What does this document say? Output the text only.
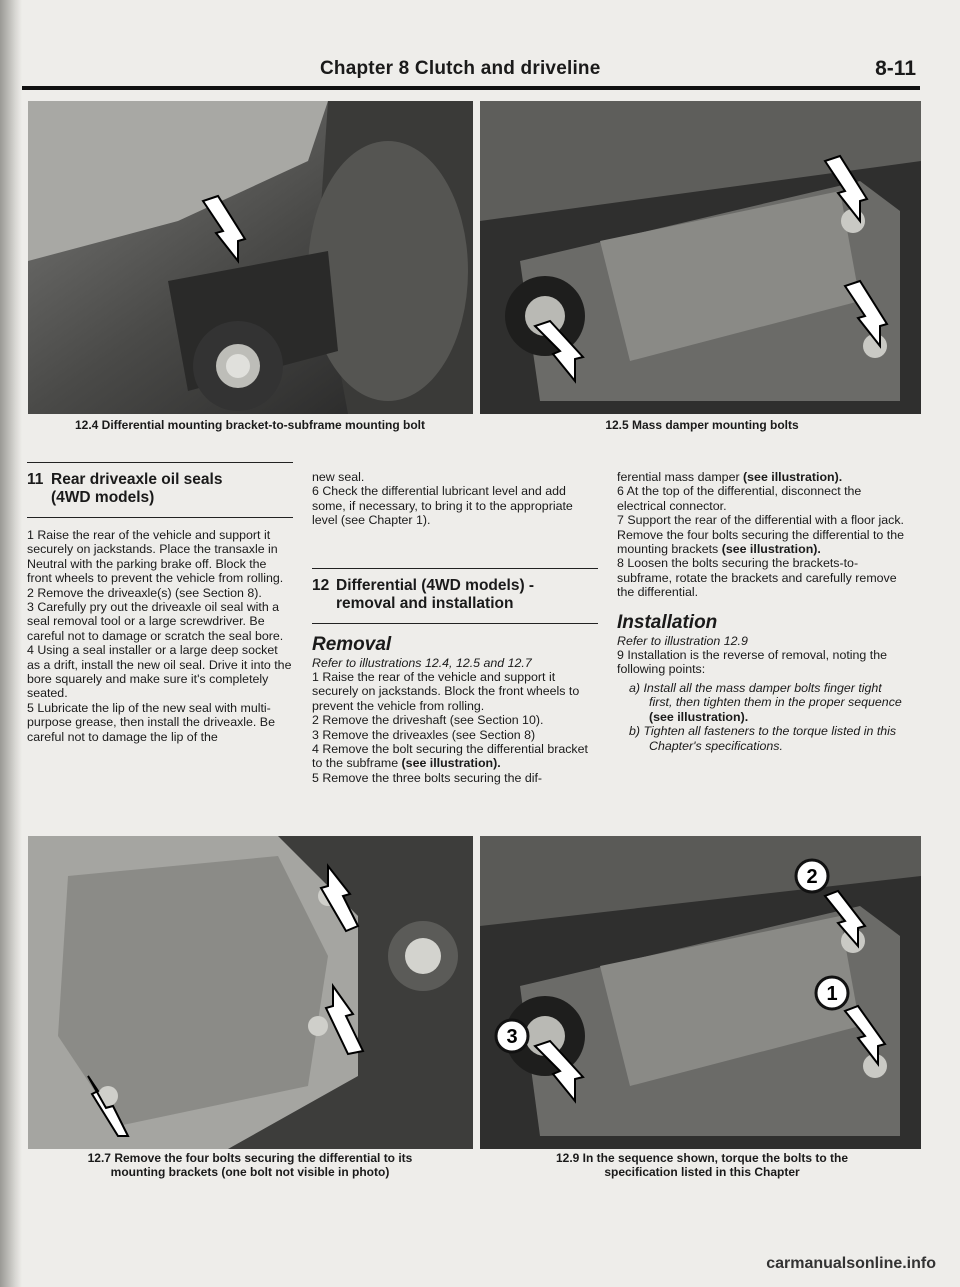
Chapter 8 Clutch and driveline	8-11
12.4 Differential mounting bracket-to-subframe mounting bolt	12.5 Mass damper mounting bolts
11 Rear driveaxle oil seals

(4WD models)

1 Raise the rear of the vehicle and support it securely on jackstands. Place the transaxle in Neutral with the parking brake off. Block the front wheels to prevent the vehicle from rolling.

2 Remove the driveaxle(s) (see Section 8).

3 Carefully pry out the driveaxle oil seal with a seal removal tool or a large screwdriver. Be careful not to damage or scratch the seal bore.

4 Using a seal installer or a large deep socket as a drift, install the new oil seal. Drive it into the bore squarely and make sure it's completely seated.

5 Lubricate the lip of the new seal with multi-purpose grease, then install the driveaxle. Be careful not to damage the lip of the

new seal.

6 Check the differential lubricant level and add some, if necessary, to bring it to the appropriate level (see Chapter 1).

12 Differential (4WD models) -

removal and installation
Removal

Refer to illustrations 12.4, 12.5 and 12.7

1 Raise the rear of the vehicle and support it securely on jackstands. Block the front wheels to prevent the vehicle from rolling.

2 Remove the driveshaft (see Section 10).

3 Remove the driveaxles (see Section 8)

4 Remove the bolt securing the differential bracket to the subframe (see illustration).

5 Remove the three bolts securing the dif-

ferential mass damper (see illustration).

6 At the top of the differential, disconnect the electrical connector.

7 Support the rear of the differential with a floor jack. Remove the four bolts securing the differential to the mounting brackets (see illustration).

8 Loosen the bolts securing the brackets-to-subframe, rotate the brackets and carefully remove the differential.

Installation

Refer to illustration 12.9

9 Installation is the reverse of removal, noting the following points:

a) Install all the mass damper bolts finger tight first, then tighten them in the proper sequence (see illustration).

b) Tighten all fasteners to the torque listed in this Chapter's specifications.

12.7 Remove the four bolts securing the differential to its
mounting brackets (one bolt not visible in photo)
2
1
3
12.9 In the sequence shown, torque the bolts to the
specification listed in this Chapter
carmanualsonline.info
